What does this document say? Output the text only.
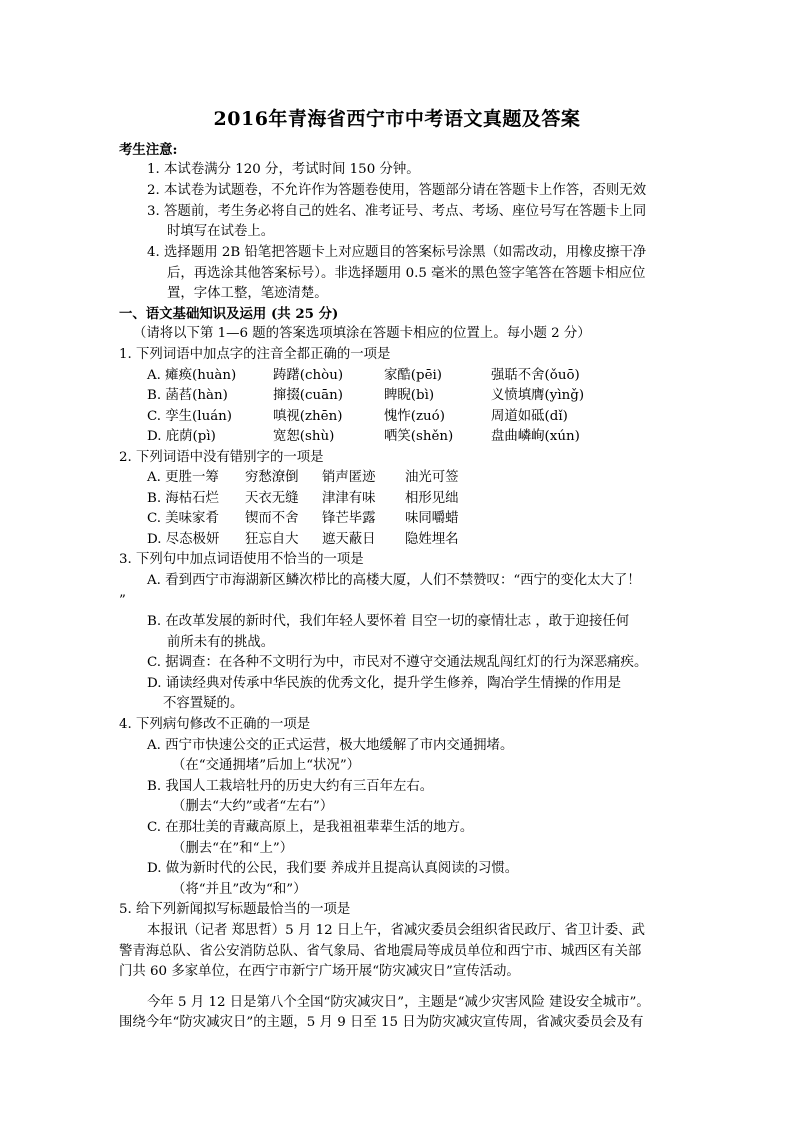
2016年青海省西宁市中考语文真题及答案
考生注意:
1. 本试卷满分 120 分，考试时间 150 分钟。
2. 本试卷为试题卷，不允许作为答题卷使用，答题部分请在答题卡上作答，否则无效
3. 答题前，考生务必将自己的姓名、准考证号、考点、考场、座位号写在答题卡上同
时填写在试卷上。
4. 选择题用 2B 铅笔把答题卡上对应题目的答案标号涂黑（如需改动，用橡皮擦干净
后，再选涂其他答案标号）。非选择题用 0.5 毫米的黑色签字笔答在答题卡相应位
置，字体工整，笔迹清楚。
一、语文基础知识及运用 (共 25 分)
（请将以下第 1—6 题的答案选项填涂在答题卡相应的位置上。每小题 2 分）
1. 下列词语中加点字的注音全都正确的一项是
A. 瘫痪(huàn)	踌躇(chòu)	家酷(pēi)	强聒不舍(ǒuō)
B. 菡萏(hàn)	撺掇(cuān)	睥睨(bì)	义愤填膺(yìnǧ)
C. 孪生(luán)	嗔视(zhēn)	愧怍(zuó)	周道如砥(dǐ)
D. 庇荫(pì)	宽恕(shù)	哂笑(shěn)	盘曲嶙峋(xún)
2. 下列词语中没有错别字的一项是
A. 更胜一筹 穷愁潦倒 销声匿迹 油光可签
B. 海枯石烂 天衣无缝 津津有味 相形见绌
C. 美味家肴 锲而不舍 锋芒毕露 味同嚼蜡
D. 尽态极妍 狂忘自大 遮天蔽日 隐姓埋名
3. 下列句中加点词语使用不恰当的一项是
A. 看到西宁市海湖新区鳞次栉比的高楼大厦，人们不禁赞叹：“西宁的变化太大了！
”
B. 在改革发展的新时代，我们年轻人要怀着 目空一切的豪情壮志 ，敢于迎接任何
前所未有的挑战。
C. 据调查：在各种不文明行为中，市民对不遵守交通法规乱闯红灯的行为深恶痛疾。
D. 诵读经典对传承中华民族的优秀文化，提升学生修养，陶冶学生情操的作用是
不容置疑的。
4. 下列病句修改不正确的一项是
A. 西宁市快速公交的正式运营，极大地缓解了市内交通拥堵。
（在“交通拥堵”后加上“状况”）
B. 我国人工栽培牡丹的历史大约有三百年左右。
（删去“大约”或者“左右”）
C. 在那壮美的青藏高原上，是我祖祖辈辈生活的地方。
（删去“在”和“上”）
D. 做为新时代的公民，我们要 养成并且提高认真阅读的习惯。
（将“并且”改为“和”）
5. 给下列新闻拟写标题最恰当的一项是
本报讯（记者 郑思哲）5 月 12 日上午，省减灾委员会组织省民政厅、省卫计委、武
警青海总队、省公安消防总队、省气象局、省地震局等成员单位和西宁市、城西区有关部
门共 60 多家单位，在西宁市新宁广场开展“防灾减灾日”宣传活动。
今年 5 月 12 日是第八个全国“防灾减灾日”，主题是“减少灾害风险 建设安全城市”。
围绕今年“防灾减灾日”的主题，5 月 9 日至 15 日为防灾减灾宣传周，省减灾委员会及有
